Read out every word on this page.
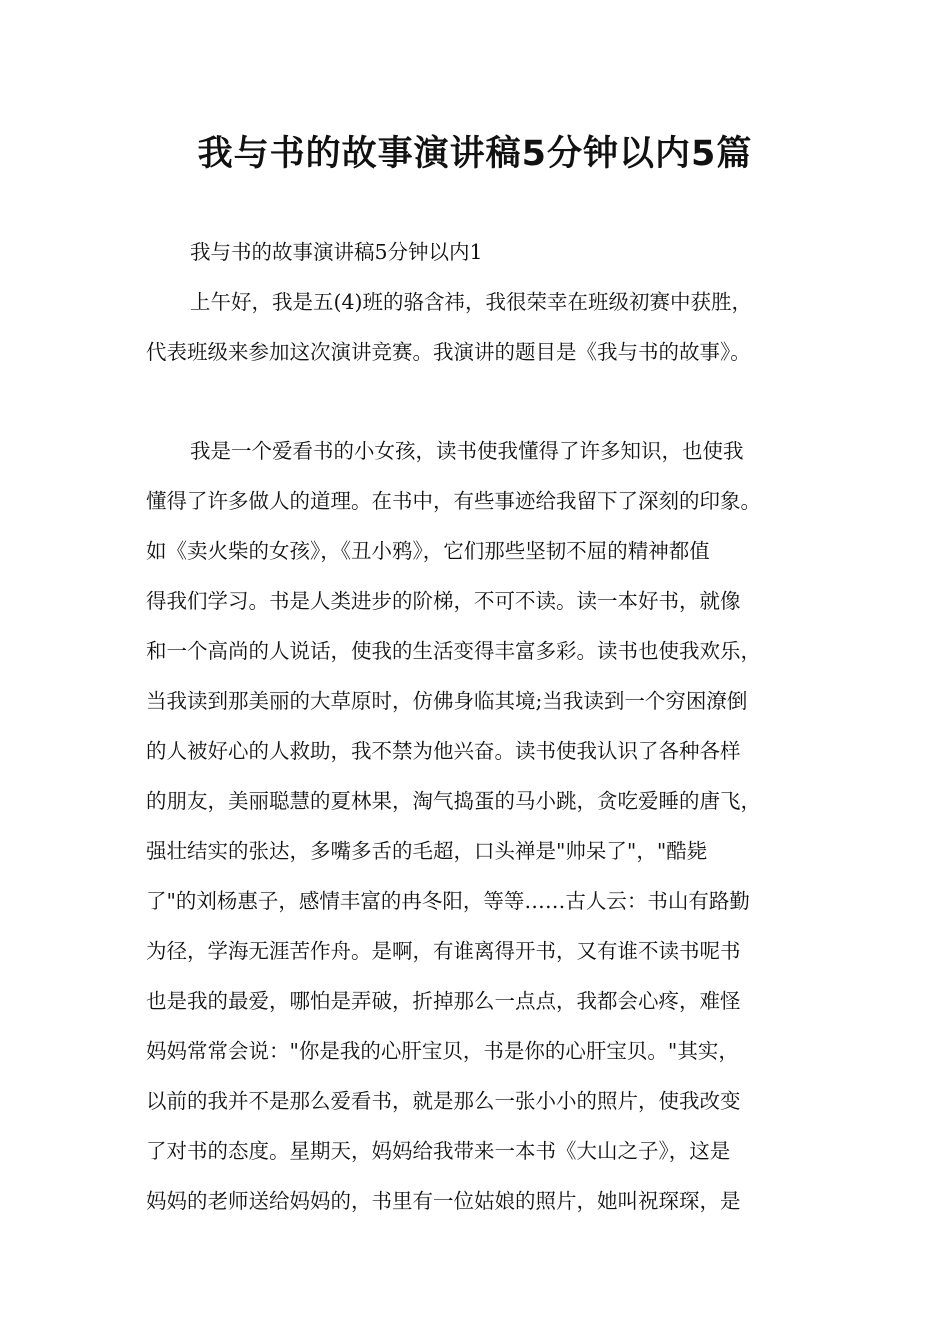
我与书的故事演讲稿5分钟以内5篇

我与书的故事演讲稿5分钟以内1

上午好，我是五(4)班的骆含祎，我很荣幸在班级初赛中获胜，

代表班级来参加这次演讲竞赛。我演讲的题目是《我与书的故事》。

我是一个爱看书的小女孩，读书使我懂得了许多知识，也使我

懂得了许多做人的道理。在书中，有些事迹给我留下了深刻的印象。

如《卖火柴的女孩》，《丑小鸦》，它们那些坚韧不屈的精神都值

得我们学习。书是人类进步的阶梯，不可不读。读一本好书，就像

和一个高尚的人说话，使我的生活变得丰富多彩。读书也使我欢乐，

当我读到那美丽的大草原时，仿佛身临其境;当我读到一个穷困潦倒

的人被好心的人救助，我不禁为他兴奋。读书使我认识了各种各样

的朋友，美丽聪慧的夏林果，淘气捣蛋的马小跳，贪吃爱睡的唐飞，

强壮结实的张达，多嘴多舌的毛超，口头禅是"帅呆了"，"酷毙

了"的刘杨惠子，感情丰富的冉冬阳，等等……古人云：书山有路勤

为径，学海无涯苦作舟。是啊，有谁离得开书，又有谁不读书呢书

也是我的最爱，哪怕是弄破，折掉那么一点点，我都会心疼，难怪

妈妈常常会说："你是我的心肝宝贝，书是你的心肝宝贝。"其实，

以前的我并不是那么爱看书，就是那么一张小小的照片，使我改变

了对书的态度。星期天，妈妈给我带来一本书《大山之子》，这是

妈妈的老师送给妈妈的，书里有一位姑娘的照片，她叫祝琛琛，是
